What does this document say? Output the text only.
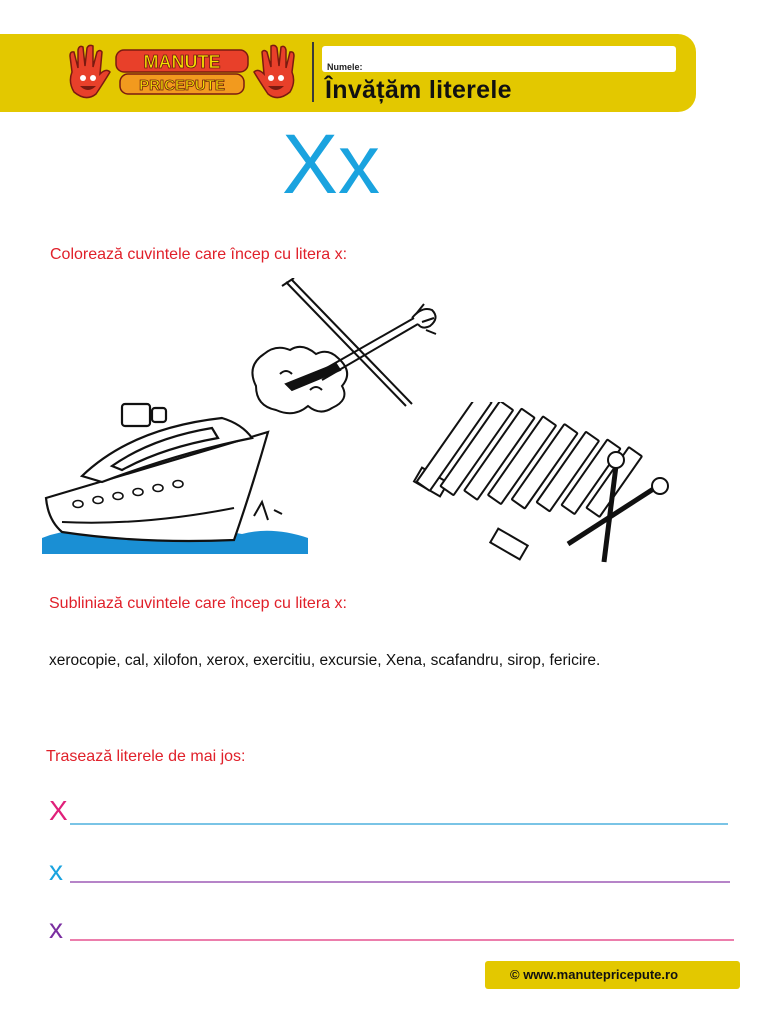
MANUTE
PRICEPUTE
Numele:
Învățăm literele
Xx
Colorează cuvintele care încep cu litera x:
Subliniază cuvintele care încep cu litera x:
xerocopie, cal, xilofon, xerox, exercitiu, excursie, Xena, scafandru, sirop, fericire.
Trasează literele de mai jos:
X
x
x
© www.manutepricepute.ro
